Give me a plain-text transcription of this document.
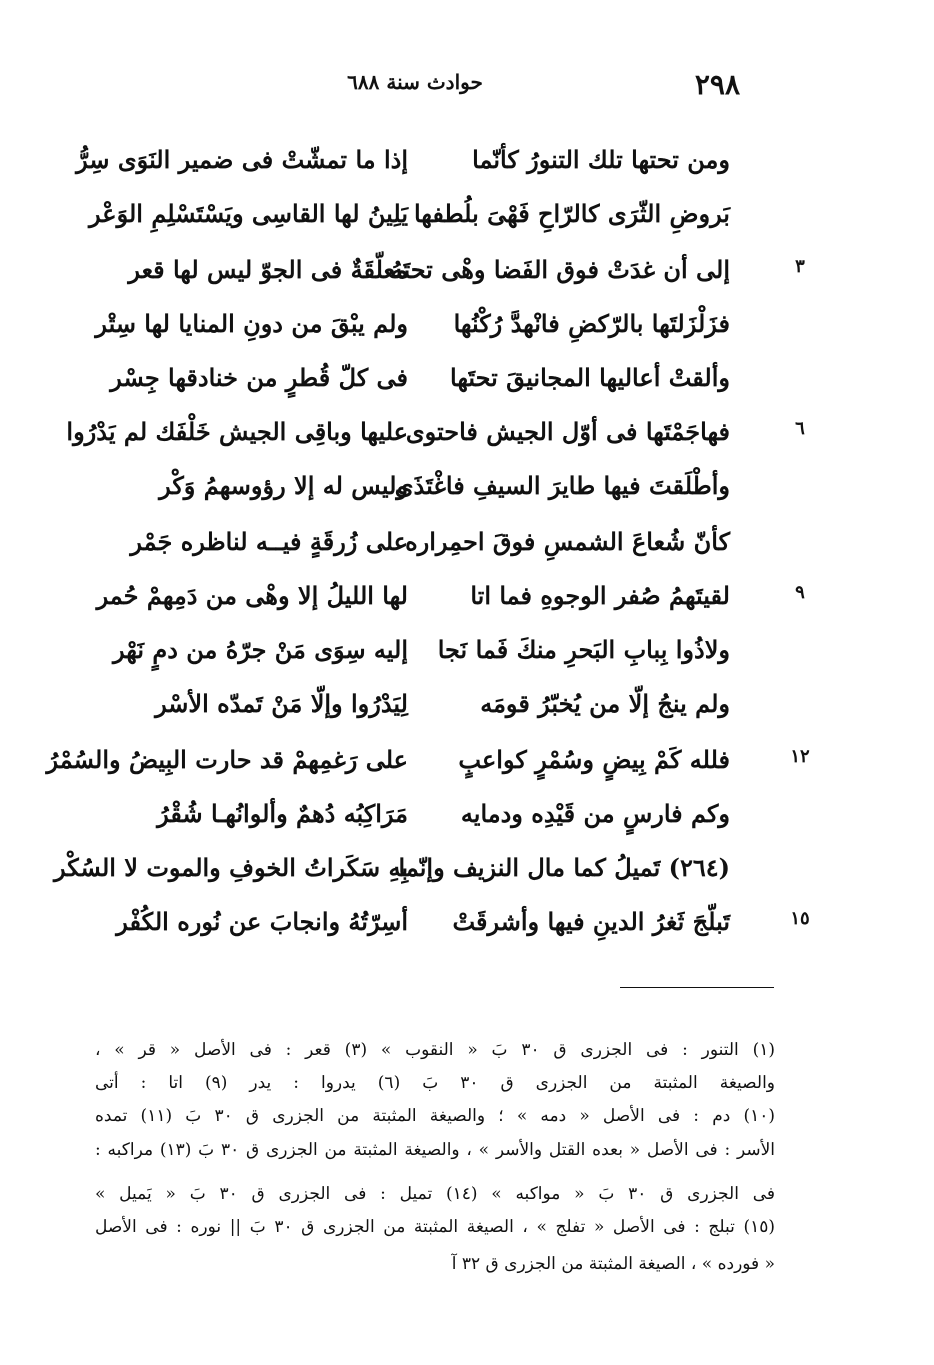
٢٩٨
حوادث سنة ٦٨٨
ومن تحتها تلك التنورُ كأنّما
إذا ما تمشّتْ فى ضمير النَوَى سِرُّ
بَروضِ الثّرَى كالرّاحِ فَهْىَ بلُطفها
يَلِينُ لها القاسِى ويَسْتَسْلِمِ الوَعْر
٣
إلى أن غدَتْ فوق الفَضا وهْى تحتَهُ
معلّقَةٌ فى الجوّ ليس لها قعر
فزَلْزَلتَها بالرّكضِ فانْهدَّ رُكْنُها
ولم يبْقَ من دونِ المنايا لها سِتْر
وألقتْ أعاليها المجانيقَ تحتَها
فى كلّ قُطرٍ من خنادقها جِسْر
٦
فهاجَمْتَها فى أوّل الجيش فاحتوى
عليها وباقِى الجيش خَلْفَك لم يَدْرُوا
وأطْلَقتَ فيها طايرَ السيفِ فاغْتَذَى
وليس له إلا رؤوسهمُ وَكْر
كأنّ شُعاعَ الشمسِ فوقَ احمِراره
على زُرقَةٍ فيــه لناظره جَمْر
٩
لقيتَهمُ صُفر الوجوهِ فما اتا
لها الليلُ إلا وهْى من دَمِهمْ حُمر
ولاذُوا بِبابِ البَحرِ منكَ فَما نَجا
إليه سِوَى مَنْ جرّهُ من دمٍ نَهْر
ولم ينجُ إلّا من يُخبّرُ قومَه
لِيَدْرُوا وإلّا مَنْ تَمدّه الأسْر
١٢
فلله كَمْ بِيضٍ وسُمْرٍ كواعبٍ
على رَغمِهمْ قد حارت البِيضُ والسُمْرُ
وكم فارسٍ من قَيْدِه ودمايه
مَرَاكِبُه دُهمٌ وألوانُهـا شُقْرُ
(٢٦٤) تَميلُ كما مال النزيف وإنّما
بِهِ سَكَراتُ الخوفِ والموت لا السُكْر
١٥
تَبلّجَ ثَغرُ الدينِ فيها وأشرقَتْ
أسِرّتُهُ وانجابَ عن نُوره الكُفْر
(١) التنور : فى الجزرى ق ٣٠ بَ « النقوب » (٣) قعر : فى الأصل « قر » ،
والصيغة المثبتة من الجزرى ق ٣٠ بَ (٦) يدروا : يدر (٩) اتا : أتى
(١٠) دم : فى الأصل « دمه » ؛ والصيغة المثبتة من الجزرى ق ٣٠ بَ (١١) تمده
الأسر : فى الأصل « بعده القتل والأسر » ، والصيغة المثبتة من الجزرى ق ٣٠ بَ (١٣) مراكبه :
فى الجزرى ق ٣٠ بَ « مواكبه » (١٤) تميل : فى الجزرى ق ٣٠ بَ « يَميل »
(١٥) تبلج : فى الأصل « تفلج » ، الصيغة المثبتة من الجزرى ق ٣٠ بَ || نوره : فى الأصل
« فورده » ، الصيغة المثبتة من الجزرى ق ٣٢ آ
